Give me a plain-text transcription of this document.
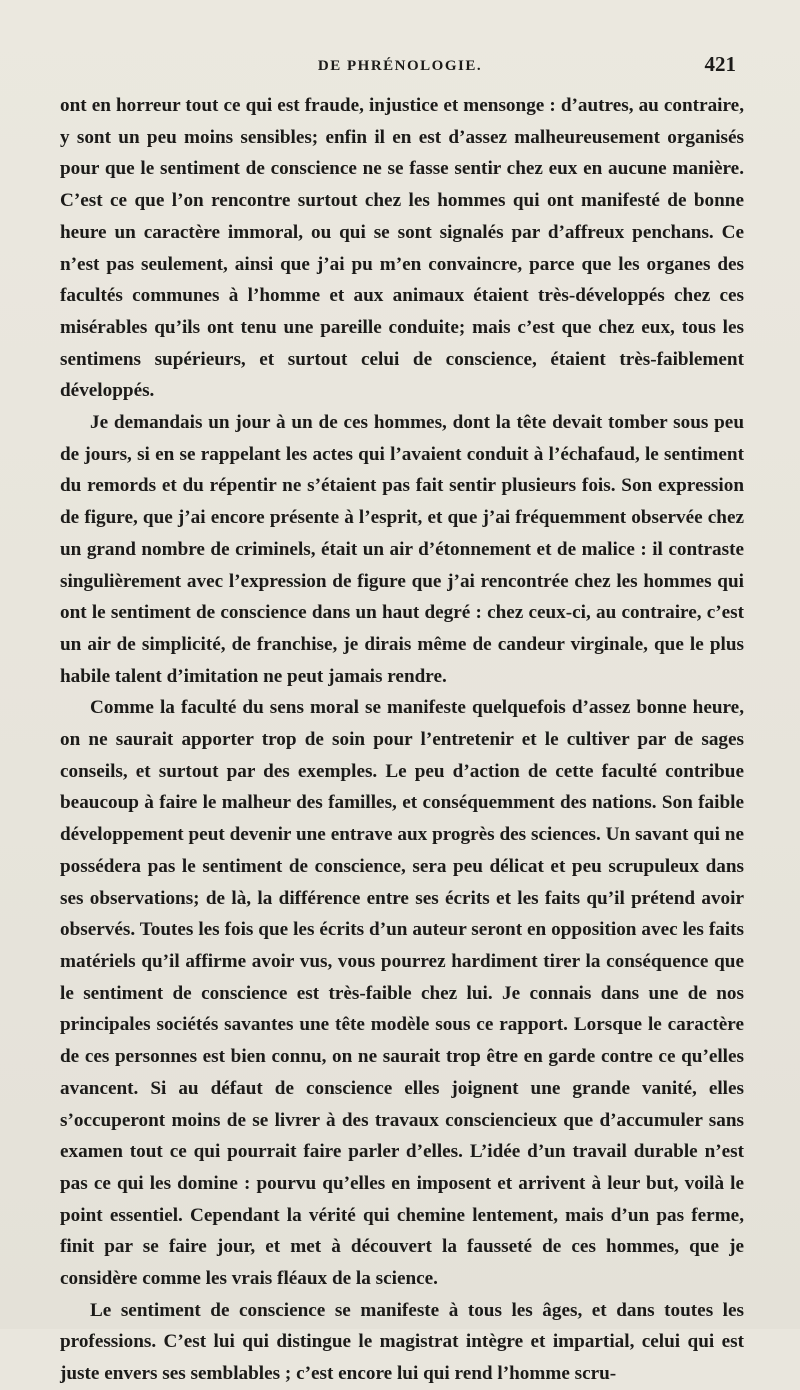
DE PHRÉNOLOGIE.	421

ont en horreur tout ce qui est fraude, injustice et mensonge : d’autres, au contraire, y sont un peu moins sensibles; enfin il en est d’assez malheureusement organisés pour que le sentiment de conscience ne se fasse sentir chez eux en aucune manière. C’est ce que l’on rencontre surtout chez les hommes qui ont manifesté de bonne heure un caractère immoral, ou qui se sont signalés par d’affreux penchans. Ce n’est pas seulement, ainsi que j’ai pu m’en convaincre, parce que les organes des facultés communes à l’homme et aux animaux étaient très-développés chez ces misérables qu’ils ont tenu une pareille conduite; mais c’est que chez eux, tous les sentimens supérieurs, et surtout celui de conscience, étaient très-faiblement développés.

Je demandais un jour à un de ces hommes, dont la tête devait tomber sous peu de jours, si en se rappelant les actes qui l’avaient conduit à l’échafaud, le sentiment du remords et du répentir ne s’étaient pas fait sentir plusieurs fois. Son expression de figure, que j’ai encore présente à l’esprit, et que j’ai fréquemment observée chez un grand nombre de criminels, était un air d’étonnement et de malice : il contraste singulièrement avec l’expression de figure que j’ai rencontrée chez les hommes qui ont le sentiment de conscience dans un haut degré : chez ceux-ci, au contraire, c’est un air de simplicité, de franchise, je dirais même de candeur virginale, que le plus habile talent d’imitation ne peut jamais rendre.

Comme la faculté du sens moral se manifeste quelquefois d’assez bonne heure, on ne saurait apporter trop de soin pour l’entretenir et le cultiver par de sages conseils, et surtout par des exemples. Le peu d’action de cette faculté contribue beaucoup à faire le malheur des familles, et conséquemment des nations. Son faible développement peut devenir une entrave aux progrès des sciences. Un savant qui ne possédera pas le sentiment de conscience, sera peu délicat et peu scrupuleux dans ses observations; de là, la différence entre ses écrits et les faits qu’il prétend avoir observés. Toutes les fois que les écrits d’un auteur seront en opposition avec les faits matériels qu’il affirme avoir vus, vous pourrez hardiment tirer la conséquence que le sentiment de conscience est très-faible chez lui. Je connais dans une de nos principales sociétés savantes une tête modèle sous ce rapport. Lorsque le caractère de ces personnes est bien connu, on ne saurait trop être en garde contre ce qu’elles avancent. Si au défaut de conscience elles joignent une grande vanité, elles s’occuperont moins de se livrer à des travaux consciencieux que d’accumuler sans examen tout ce qui pourrait faire parler d’elles. L’idée d’un travail durable n’est pas ce qui les domine : pourvu qu’elles en imposent et arrivent à leur but, voilà le point essentiel. Cependant la vérité qui chemine lentement, mais d’un pas ferme, finit par se faire jour, et met à découvert la fausseté de ces hommes, que je considère comme les vrais fléaux de la science.

Le sentiment de conscience se manifeste à tous les âges, et dans toutes les professions. C’est lui qui distingue le magistrat intègre et impartial, celui qui est juste envers ses semblables ; c’est encore lui qui rend l’homme scru-
